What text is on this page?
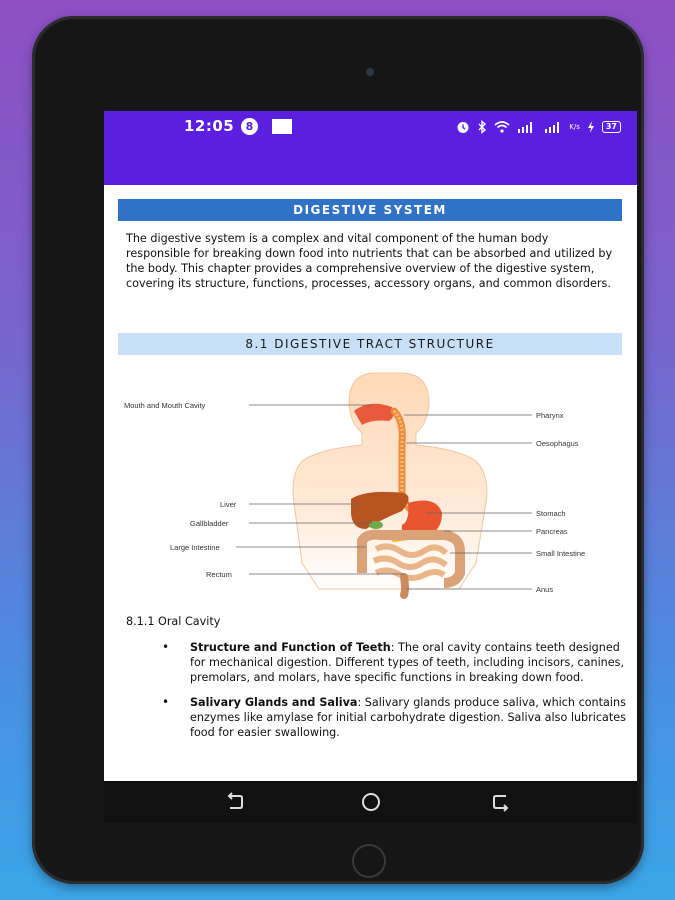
12:05	8	K/s	37
DIGESTIVE SYSTEM

The digestive system is a complex and vital component of the human body responsible for breaking down food into nutrients that can be absorbed and utilized by the body. This chapter provides a comprehensive overview of the digestive system, covering its structure, functions, processes, accessory organs, and common disorders.

8.1 DIGESTIVE TRACT STRUCTURE
Mouth and Mouth Cavity
Pharynx
Oesophagus
Liver
Gallbladder
Large Intestine
Rectum
Stomach
Pancreas
Small Intestine
Anus

8.1.1 Oral Cavity

• Structure and Function of Teeth: The oral cavity contains teeth designed for mechanical digestion. Different types of teeth, including incisors, canines, premolars, and molars, have specific functions in breaking down food.
• Salivary Glands and Saliva: Salivary glands produce saliva, which contains enzymes like amylase for initial carbohydrate digestion. Saliva also lubricates food for easier swallowing.
